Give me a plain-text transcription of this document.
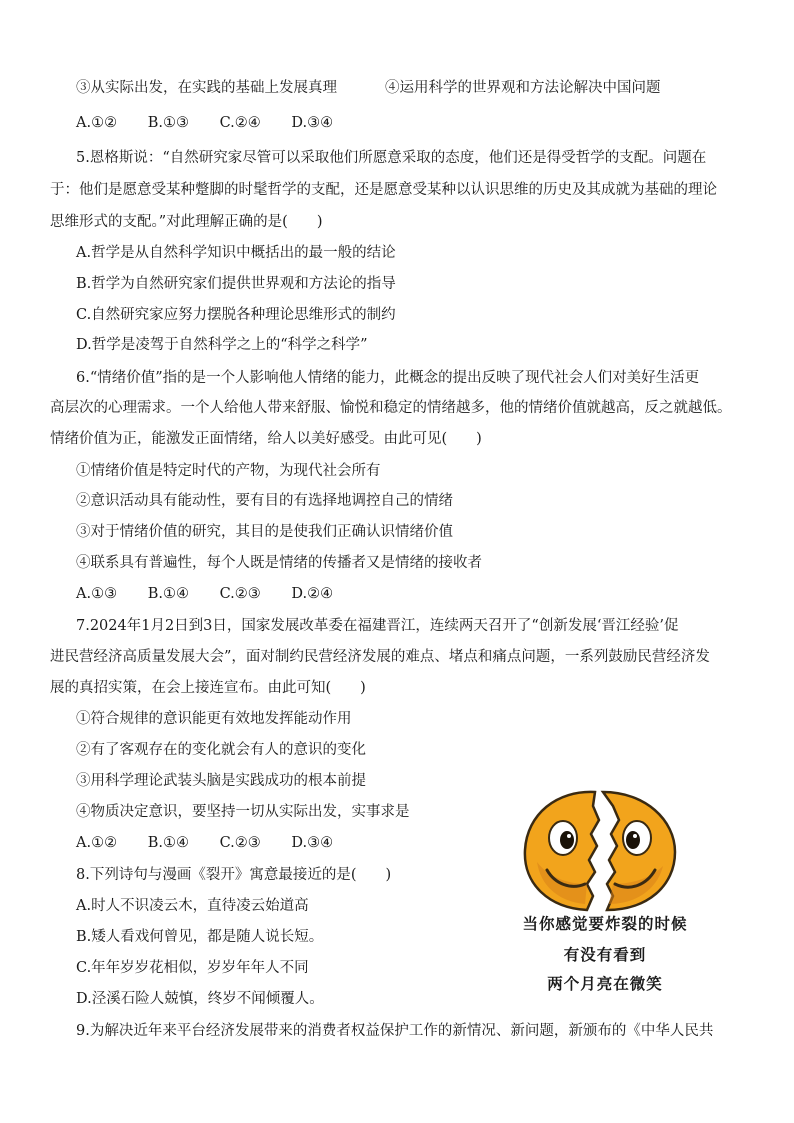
③从实际出发，在实践的基础上发展真理	④运用科学的世界观和方法论解决中国问题
A.①② B.①③ C.②④ D.③④
5.恩格斯说：“自然研究家尽管可以采取他们所愿意采取的态度，他们还是得受哲学的支配。问题在
于：他们是愿意受某种蹩脚的时髦哲学的支配，还是愿意受某种以认识思维的历史及其成就为基础的理论
思维形式的支配。”对此理解正确的是(　　)
A.哲学是从自然科学知识中概括出的最一般的结论
B.哲学为自然研究家们提供世界观和方法论的指导
C.自然研究家应努力摆脱各种理论思维形式的制约
D.哲学是凌驾于自然科学之上的“科学之科学”
6.“情绪价值”指的是一个人影响他人情绪的能力，此概念的提出反映了现代社会人们对美好生活更
高层次的心理需求。一个人给他人带来舒服、愉悦和稳定的情绪越多，他的情绪价值就越高，反之就越低。
情绪价值为正，能激发正面情绪，给人以美好感受。由此可见(　　)
①情绪价值是特定时代的产物，为现代社会所有
②意识活动具有能动性，要有目的有选择地调控自己的情绪
③对于情绪价值的研究，其目的是使我们正确认识情绪价值
④联系具有普遍性，每个人既是情绪的传播者又是情绪的接收者
A.①③ B.①④ C.②③ D.②④
7.2024年1月2日到3日，国家发展改革委在福建晋江，连续两天召开了“创新发展‘晋江经验’促
进民营经济高质量发展大会”，面对制约民营经济发展的难点、堵点和痛点问题，一系列鼓励民营经济发
展的真招实策，在会上接连宣布。由此可知(　　)
①符合规律的意识能更有效地发挥能动作用
②有了客观存在的变化就会有人的意识的变化
③用科学理论武装头脑是实践成功的根本前提
④物质决定意识，要坚持一切从实际出发，实事求是
A.①② B.①④ C.②③ D.③④
8.下列诗句与漫画《裂开》寓意最接近的是(　　)
A.时人不识凌云木，直待凌云始道高
B.矮人看戏何曾见，都是随人说长短。
C.年年岁岁花相似，岁岁年年人不同
D.泾溪石险人兢慎，终岁不闻倾覆人。
当你感觉要炸裂的时候
有没有看到
两个月亮在微笑
9.为解决近年来平台经济发展带来的消费者权益保护工作的新情况、新问题，新颁布的《中华人民共
